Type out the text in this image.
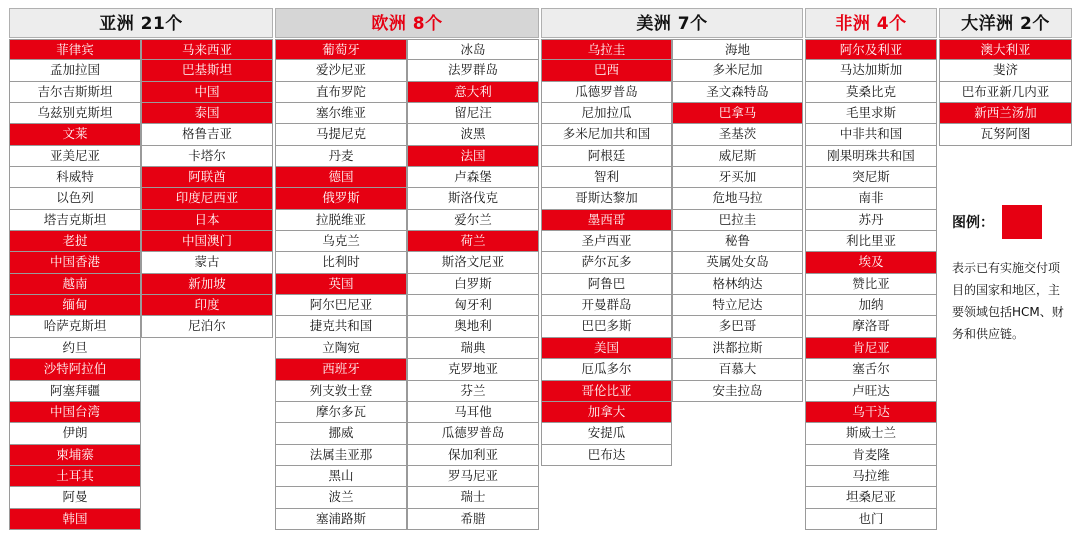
亚洲 21个
菲律宾
孟加拉国
吉尔吉斯斯坦
乌兹别克斯坦
文莱
亚美尼亚
科威特
以色列
塔吉克斯坦
老挝
中国香港
越南
缅甸
哈萨克斯坦
约旦
沙特阿拉伯
阿塞拜疆
中国台湾
伊朗
柬埔寨
土耳其
阿曼
韩国
马来西亚
巴基斯坦
中国
泰国
格鲁吉亚
卡塔尔
阿联酋
印度尼西亚
日本
中国澳门
蒙古
新加坡
印度
尼泊尔
欧洲 8个
葡萄牙
爱沙尼亚
直布罗陀
塞尔维亚
马提尼克
丹麦
德国
俄罗斯
拉脱维亚
乌克兰
比利时
英国
阿尔巴尼亚
捷克共和国
立陶宛
西班牙
列支敦士登
摩尔多瓦
挪威
法属圭亚那
黑山
波兰
塞浦路斯
冰岛
法罗群岛
意大利
留尼汪
波黑
法国
卢森堡
斯洛伐克
爱尔兰
荷兰
斯洛文尼亚
白罗斯
匈牙利
奥地利
瑞典
克罗地亚
芬兰
马耳他
瓜德罗普岛
保加利亚
罗马尼亚
瑞士
希腊
美洲 7个
乌拉圭
巴西
瓜德罗普岛
尼加拉瓜
多米尼加共和国
阿根廷
智利
哥斯达黎加
墨西哥
圣卢西亚
萨尔瓦多
阿鲁巴
开曼群岛
巴巴多斯
美国
厄瓜多尔
哥伦比亚
加拿大
安提瓜
巴布达
海地
多米尼加
圣文森特岛
巴拿马
圣基茨
威尼斯
牙买加
危地马拉
巴拉圭
秘鲁
英属处女岛
格林纳达
特立尼达
多巴哥
洪都拉斯
百慕大
安圭拉岛
非洲 4个
阿尔及利亚
马达加斯加
莫桑比克
毛里求斯
中非共和国
刚果明珠共和国
突尼斯
南非
苏丹
利比里亚
埃及
赞比亚
加纳
摩洛哥
肯尼亚
塞舌尔
卢旺达
乌干达
斯威士兰
肯麦隆
马拉维
坦桑尼亚
也门
大洋洲 2个
澳大利亚
斐济
巴布亚新几内亚
新西兰汤加
瓦努阿图
图例：
表示已有实施交付项目的国家和地区，主要领域包括HCM、财务和供应链。
